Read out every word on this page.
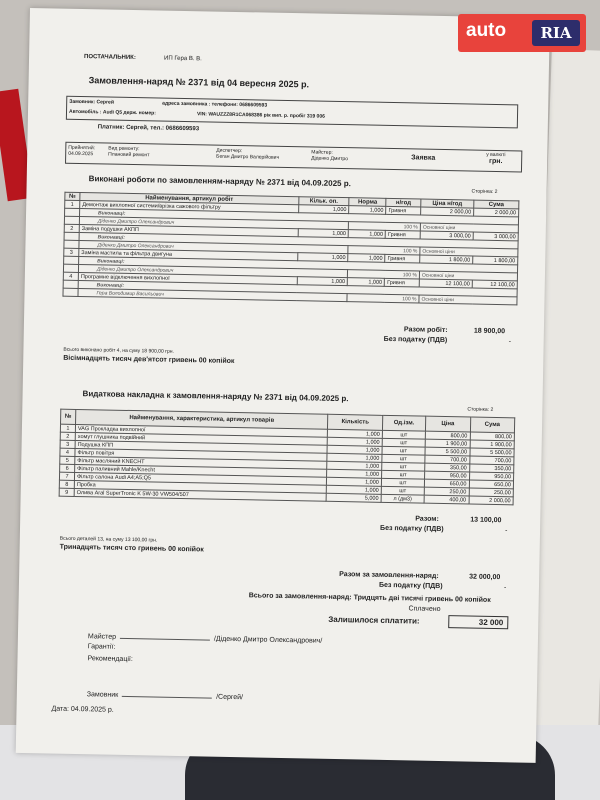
ПОСТАЧАЛЬНИК:	ИП Гера В. В.
Замовлення-наряд № 2371 від 04 вересня 2025 р.
Замовник: Сергей	адреса замовника : телефони: 0686609593
Автомобіль : Audi Q5 держ. номер:	VIN: WAUZZZ8R1CA068386 рік вип. р. пробіг 319 006
Платник: Сергей, тел.: 0686609593
Прийнятий:
04.09.2025
Вид ремонту:
Плановий ремонт
Диспетчер:
Беган Дмитро Валерійович
Майстер:
Діденко Дмитро	Заявка	у валюті
грн.
Сторінка: 2
Виконані роботи по замовленням-наряду № 2371 від 04.09.2025 р.
№	Найменування, артикул робіт	Кільк. оп.	Норма	н/год	Ціна н/год	Сума
1	Демонтаж вихлопної системи/врізка сажового фільтру	1,000	1,000	Гривня	2 000,00	2 000,00
	Виконавці:					
	Діденко Дмитро Олександрович		100 %		Основної ціни	
2	Заміна подушки АКПП	1,000	1,000	Гривня	3 000,00	3 000,00
	Виконавці:					
	Діденко Дмитро Олександрович		100 %		Основної ціни	
3	Заміна мастила та фільтра двигуна	1,000	1,000	Гривня	1 800,00	1 800,00
	Виконавці:					
	Діденко Дмитро Олександрович		100 %		Основної ціни	
4	Програмне відключення вихлопної	1,000	1,000	Гривня	12 100,00	12 100,00
	Виконавці:					
	Гера Володимир Васильович		100 %		Основної ціни	
Разом робіт:	18 900,00
Без податку (ПДВ)	-
Всього виконано робіт 4, на суму 18 900,00 грн.
Вісімнадцять тисяч дев'ятсот гривень 00 копійок
Сторінка: 2
Видаткова накладна к замовлення-наряду № 2371 від 04.09.2025 р.
№	Найменування, характеристика, артикул товарів	Кількість	Од.ізм.	Ціна	Сума
1	VAG Прокладка вихлопної	1,000	шт	800,00	800,00
2	хомут глушника подвійний	1,000	шт	1 900,00	1 900,00
3	Подушка КПП	1,000	шт	5 500,00	5 500,00
4	Фільтр повітря	1,000	шт	700,00	700,00
5	Фільтр масляний KNECHT	1,000	шт	350,00	350,00
6	Фільтр паливний Mahle/Knecht	1,000	шт	950,00	950,00
7	Фільтр салона Audi A4;A5;Q5	1,000	шт	650,00	650,00
8	Пробка	1,000	шт	250,00	250,00
9	Олива Aral SuperTronic K 5W-30 VW504/507	5,000	л (дм3)	400,00	2 000,00
Разом:	13 100,00
Без податку (ПДВ)	-
Всього деталей 13, на суму 13 100,00 грн.
Тринадцять тисяч сто гривень 00 копійок
Разом за замовлення-наряд:	32 000,00
Без податку (ПДВ)	-
Всього за замовлення-наряд: Тридцять дві тисячі гривень 00 копійок
Сплачено
Залишилося сплатити:	32 000
Майстер	/Діденко Дмитро Олександрович/
Гарантії:
Рекомендації:
Замовник	/Сергей/
Дата: 04.09.2025 р.
auto	RIA
